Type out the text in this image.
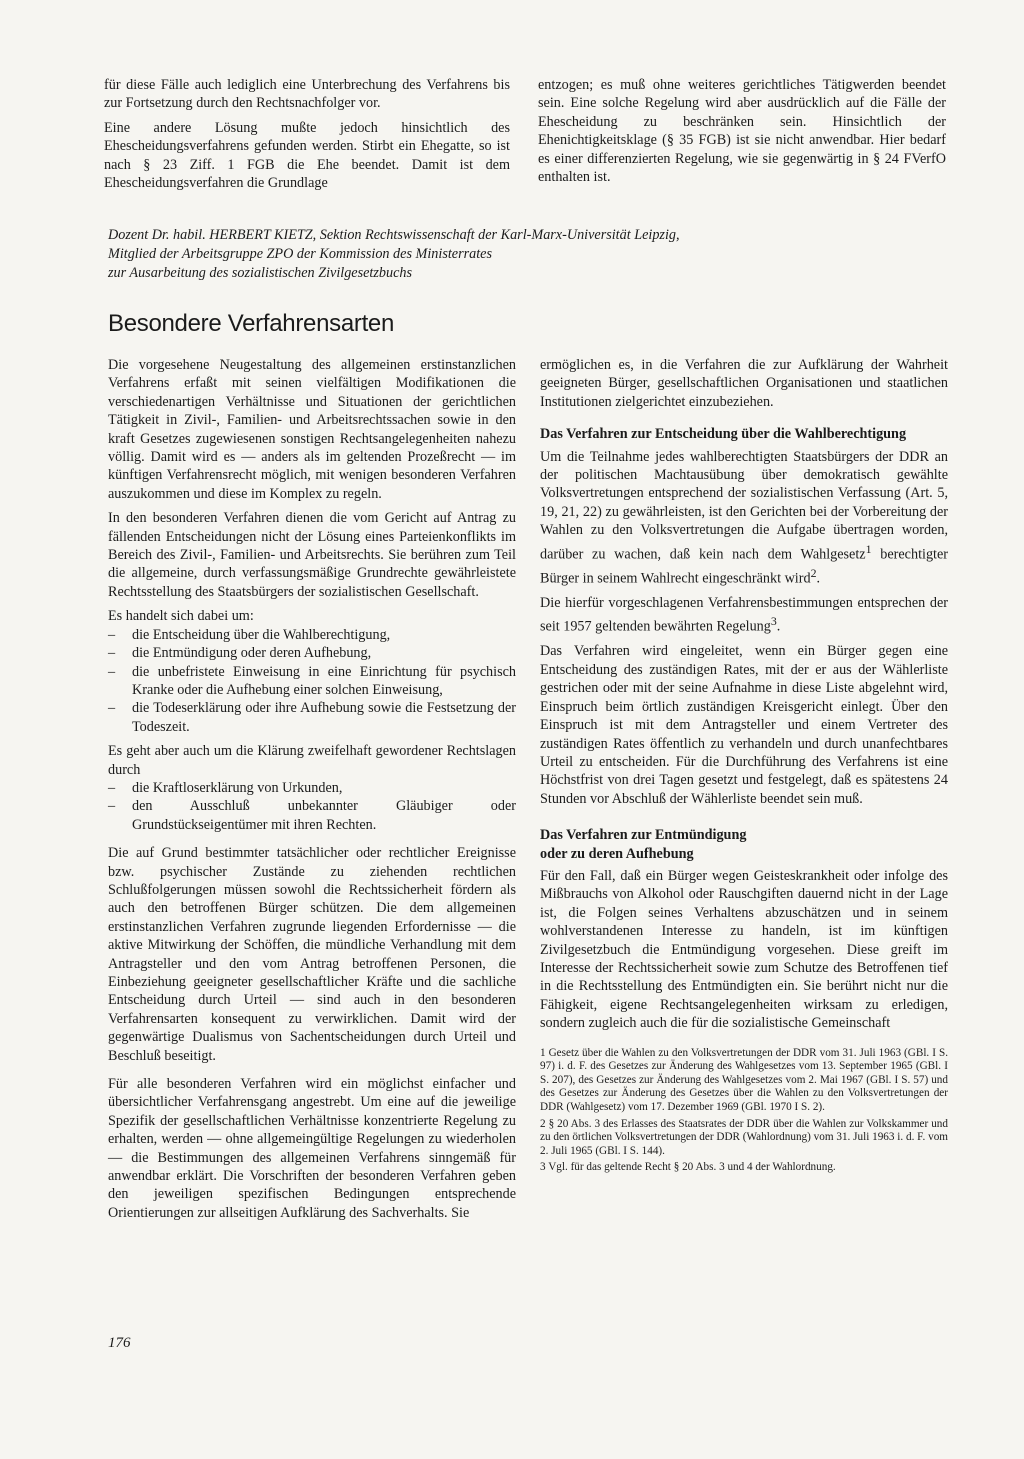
für diese Fälle auch lediglich eine Unterbrechung des Verfahrens bis zur Fortsetzung durch den Rechtsnachfolger vor.

Eine andere Lösung mußte jedoch hinsichtlich des Ehescheidungsverfahrens gefunden werden. Stirbt ein Ehegatte, so ist nach § 23 Ziff. 1 FGB die Ehe beendet. Damit ist dem Ehescheidungsverfahren die Grundlage

entzogen; es muß ohne weiteres gerichtliches Tätigwerden beendet sein. Eine solche Regelung wird aber ausdrücklich auf die Fälle der Ehescheidung zu beschränken sein. Hinsichtlich der Ehenichtigkeitsklage (§ 35 FGB) ist sie nicht anwendbar. Hier bedarf es einer differenzierten Regelung, wie sie gegenwärtig in § 24 FVerfO enthalten ist.

Dozent Dr. habil. HERBERT KIETZ, Sektion Rechtswissenschaft der Karl-Marx-Universität Leipzig,
Mitglied der Arbeitsgruppe ZPO der Kommission des Ministerrates
zur Ausarbeitung des sozialistischen Zivilgesetzbuchs
Besondere Verfahrensarten

Die vorgesehene Neugestaltung des allgemeinen erstinstanzlichen Verfahrens erfaßt mit seinen vielfältigen Modifikationen die verschiedenartigen Verhältnisse und Situationen der gerichtlichen Tätigkeit in Zivil-, Familien- und Arbeitsrechtssachen sowie in den kraft Gesetzes zugewiesenen sonstigen Rechtsangelegenheiten nahezu völlig. Damit wird es — anders als im geltenden Prozeßrecht — im künftigen Verfahrensrecht möglich, mit wenigen besonderen Verfahren auszukommen und diese im Komplex zu regeln.

In den besonderen Verfahren dienen die vom Gericht auf Antrag zu fällenden Entscheidungen nicht der Lösung eines Parteienkonflikts im Bereich des Zivil-, Familien- und Arbeitsrechts. Sie berühren zum Teil die allgemeine, durch verfassungsmäßige Grundrechte gewährleistete Rechtsstellung des Staatsbürgers der sozialistischen Gesellschaft.

Es handelt sich dabei um:

– die Entscheidung über die Wahlberechtigung,
– die Entmündigung oder deren Aufhebung,
– die unbefristete Einweisung in eine Einrichtung für psychisch Kranke oder die Aufhebung einer solchen Einweisung,
– die Todeserklärung oder ihre Aufhebung sowie die Festsetzung der Todeszeit.

Es geht aber auch um die Klärung zweifelhaft gewordener Rechtslagen durch

– die Kraftloserklärung von Urkunden,
– den Ausschluß unbekannter Gläubiger oder Grundstückseigentümer mit ihren Rechten.

Die auf Grund bestimmter tatsächlicher oder rechtlicher Ereignisse bzw. psychischer Zustände zu ziehenden rechtlichen Schlußfolgerungen müssen sowohl die Rechtssicherheit fördern als auch den betroffenen Bürger schützen. Die dem allgemeinen erstinstanzlichen Verfahren zugrunde liegenden Erfordernisse — die aktive Mitwirkung der Schöffen, die mündliche Verhandlung mit dem Antragsteller und den vom Antrag betroffenen Personen, die Einbeziehung geeigneter gesellschaftlicher Kräfte und die sachliche Entscheidung durch Urteil — sind auch in den besonderen Verfahrensarten konsequent zu verwirklichen. Damit wird der gegenwärtige Dualismus von Sachentscheidungen durch Urteil und Beschluß beseitigt.

Für alle besonderen Verfahren wird ein möglichst einfacher und übersichtlicher Verfahrensgang angestrebt. Um eine auf die jeweilige Spezifik der gesellschaftlichen Verhältnisse konzentrierte Regelung zu erhalten, werden — ohne allgemeingültige Regelungen zu wiederholen — die Bestimmungen des allgemeinen Verfahrens sinngemäß für anwendbar erklärt. Die Vorschriften der besonderen Verfahren geben den jeweiligen spezifischen Bedingungen entsprechende Orientierungen zur allseitigen Aufklärung des Sachverhalts. Sie

ermöglichen es, in die Verfahren die zur Aufklärung der Wahrheit geeigneten Bürger, gesellschaftlichen Organisationen und staatlichen Institutionen zielgerichtet einzubeziehen.

Das Verfahren zur Entscheidung über die Wahlberechtigung

Um die Teilnahme jedes wahlberechtigten Staatsbürgers der DDR an der politischen Machtausübung über demokratisch gewählte Volksvertretungen entsprechend der sozialistischen Verfassung (Art. 5, 19, 21, 22) zu gewährleisten, ist den Gerichten bei der Vorbereitung der Wahlen zu den Volksvertretungen die Aufgabe übertragen worden, darüber zu wachen, daß kein nach dem Wahlgesetz$^1$ berechtigter Bürger in seinem Wahlrecht eingeschränkt wird$^2$.

Die hierfür vorgeschlagenen Verfahrensbestimmungen entsprechen der seit 1957 geltenden bewährten Regelung$^3$.

Das Verfahren wird eingeleitet, wenn ein Bürger gegen eine Entscheidung des zuständigen Rates, mit der er aus der Wählerliste gestrichen oder mit der seine Aufnahme in diese Liste abgelehnt wird, Einspruch beim örtlich zuständigen Kreisgericht einlegt. Über den Einspruch ist mit dem Antragsteller und einem Vertreter des zuständigen Rates öffentlich zu verhandeln und durch unanfechtbares Urteil zu entscheiden. Für die Durchführung des Verfahrens ist eine Höchstfrist von drei Tagen gesetzt und festgelegt, daß es spätestens 24 Stunden vor Abschluß der Wählerliste beendet sein muß.

Das Verfahren zur Entmündigung
oder zu deren Aufhebung

Für den Fall, daß ein Bürger wegen Geisteskrankheit oder infolge des Mißbrauchs von Alkohol oder Rauschgiften dauernd nicht in der Lage ist, die Folgen seines Verhaltens abzuschätzen und in seinem wohlverstandenen Interesse zu handeln, ist im künftigen Zivilgesetzbuch die Entmündigung vorgesehen. Diese greift im Interesse der Rechtssicherheit sowie zum Schutze des Betroffenen tief in die Rechtsstellung des Entmündigten ein. Sie berührt nicht nur die Fähigkeit, eigene Rechtsangelegenheiten wirksam zu erledigen, sondern zugleich auch die für die sozialistische Gemeinschaft

1 Gesetz über die Wahlen zu den Volksvertretungen der DDR vom 31. Juli 1963 (GBl. I S. 97) i. d. F. des Gesetzes zur Änderung des Wahlgesetzes vom 13. September 1965 (GBl. I S. 207), des Gesetzes zur Änderung des Wahlgesetzes vom 2. Mai 1967 (GBl. I S. 57) und des Gesetzes zur Änderung des Gesetzes über die Wahlen zu den Volksvertretungen der DDR (Wahlgesetz) vom 17. Dezember 1969 (GBl. 1970 I S. 2).

2 § 20 Abs. 3 des Erlasses des Staatsrates der DDR über die Wahlen zur Volkskammer und zu den örtlichen Volksvertretungen der DDR (Wahlordnung) vom 31. Juli 1963 i. d. F. vom 2. Juli 1965 (GBl. I S. 144).

3 Vgl. für das geltende Recht § 20 Abs. 3 und 4 der Wahlordnung.

176
